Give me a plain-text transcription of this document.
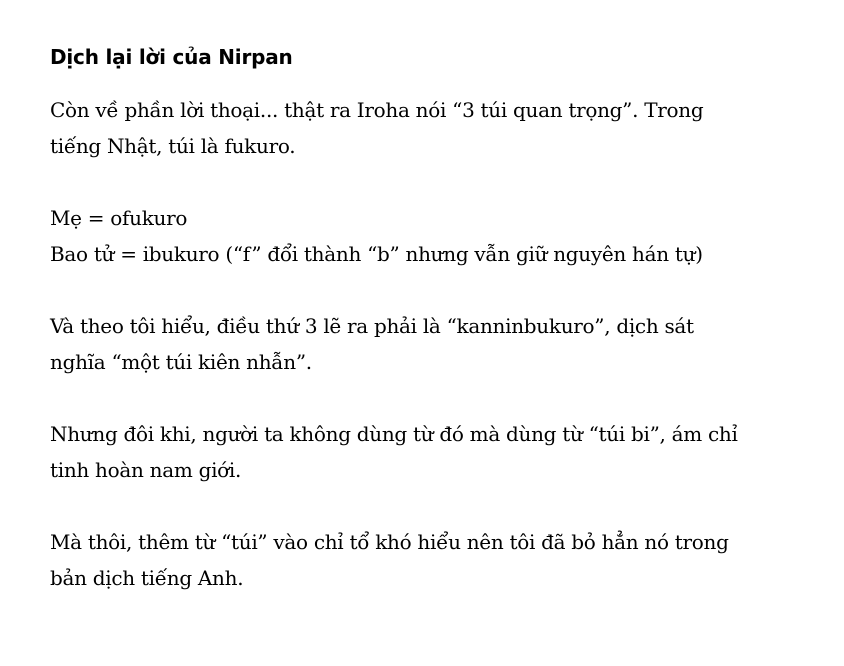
Dịch lại lời của Nirpan
Còn về phần lời thoại... thật ra Iroha nói “3 túi quan trọng”. Trong
tiếng Nhật, túi là fukuro.
Mẹ = ofukuro
Bao tử = ibukuro (“f” đổi thành “b” nhưng vẫn giữ nguyên hán tự)
Và theo tôi hiểu, điều thứ 3 lẽ ra phải là “kanninbukuro”, dịch sát
nghĩa “một túi kiên nhẫn”.
Nhưng đôi khi, người ta không dùng từ đó mà dùng từ “túi bi”, ám chỉ
tinh hoàn nam giới.
Mà thôi, thêm từ “túi” vào chỉ tổ khó hiểu nên tôi đã bỏ hẳn nó trong
bản dịch tiếng Anh.
